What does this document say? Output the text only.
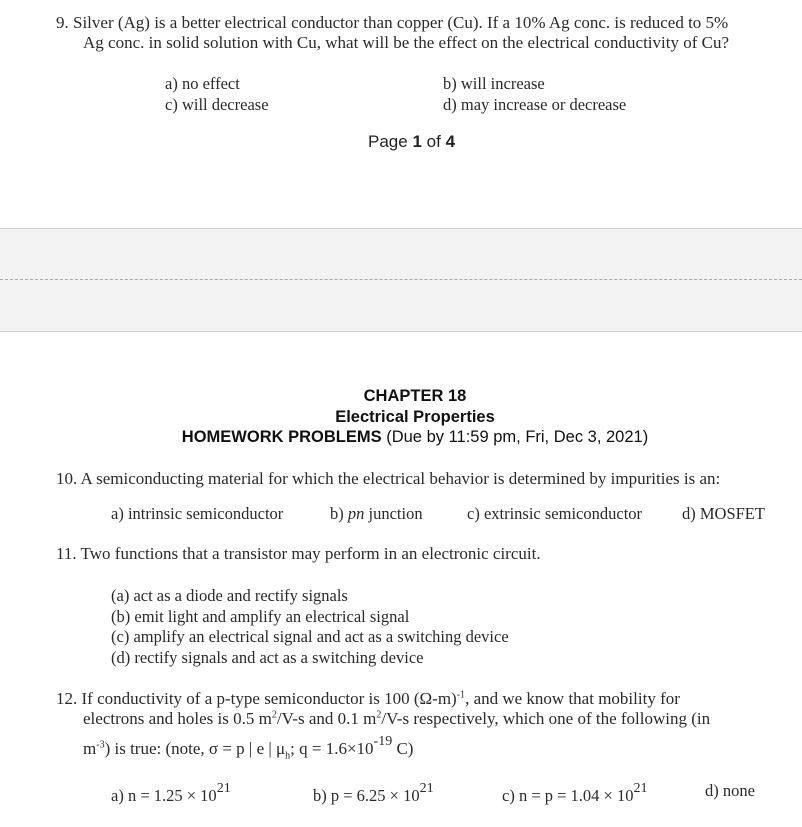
9. Silver (Ag) is a better electrical conductor than copper (Cu). If a 10% Ag conc. is reduced to 5%
Ag conc. in solid solution with Cu, what will be the effect on the electrical conductivity of Cu?
a) no effect	b) will increase
c) will decrease	d) may increase or decrease
Page 1 of 4
CHAPTER 18
Electrical Properties
HOMEWORK PROBLEMS (Due by 11:59 pm, Fri, Dec 3, 2021)
10. A semiconducting material for which the electrical behavior is determined by impurities is an:
a) intrinsic semiconductor	b) pn junction	c) extrinsic semiconductor d) MOSFET
11. Two functions that a transistor may perform in an electronic circuit.
(a) act as a diode and rectify signals
(b) emit light and amplify an electrical signal
(c) amplify an electrical signal and act as a switching device
(d) rectify signals and act as a switching device
12. If conductivity of a p-type semiconductor is 100 $(\Omega-m)^{-1}$, and we know that mobility for
electrons and holes is 0.5 $m^2/V-s$ and 0.1 $m^2/V-s$ respectively, which one of the following (in
$m^{-3}$) is true: (note, σ = p | e | $\mu_h$; $q = 1.6\times 10^{-19}$ C)
a) $n = 1.25 \times 10^{21}$	b) $p = 6.25 \times 10^{21}$	c) $n = p = 1.04 \times 10^{21}$	d) none
